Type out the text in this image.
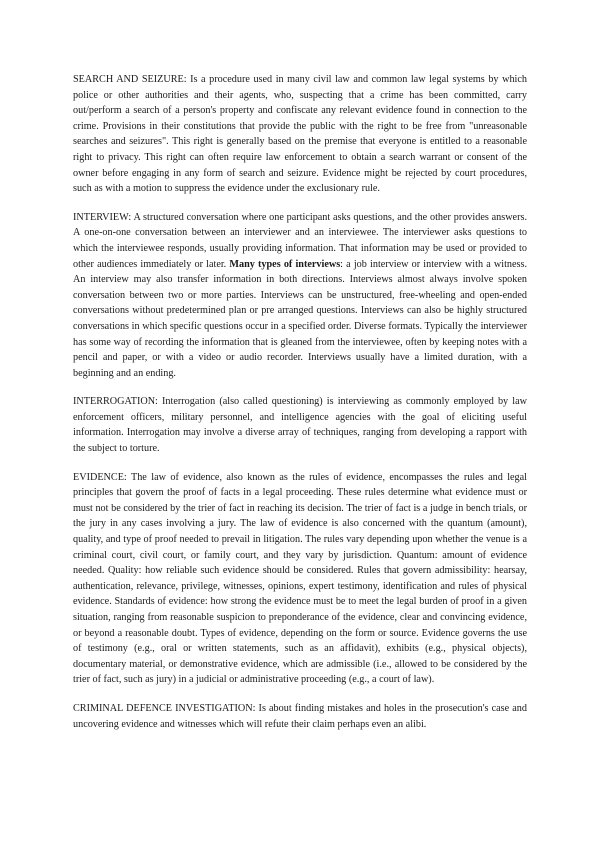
SEARCH AND SEIZURE: Is a procedure used in many civil law and common law legal systems by which police or other authorities and their agents, who, suspecting that a crime has been committed, carry out/perform a search of a person's property and confiscate any relevant evidence found in connection to the crime. Provisions in their constitutions that provide the public with the right to be free from "unreasonable searches and seizures". This right is generally based on the premise that everyone is entitled to a reasonable right to privacy. This right can often require law enforcement to obtain a search warrant or consent of the owner before engaging in any form of search and seizure. Evidence might be rejected by court procedures, such as with a motion to suppress the evidence under the exclusionary rule.

INTERVIEW: A structured conversation where one participant asks questions, and the other provides answers. A one-on-one conversation between an interviewer and an interviewee. The interviewer asks questions to which the interviewee responds, usually providing information. That information may be used or provided to other audiences immediately or later. Many types of interviews: a job interview or interview with a witness. An interview may also transfer information in both directions. Interviews almost always involve spoken conversation between two or more parties. Interviews can be unstructured, free-wheeling and open-ended conversations without predetermined plan or pre arranged questions. Interviews can also be highly structured conversations in which specific questions occur in a specified order. Diverse formats. Typically the interviewer has some way of recording the information that is gleaned from the interviewee, often by keeping notes with a pencil and paper, or with a video or audio recorder. Interviews usually have a limited duration, with a beginning and an ending.

INTERROGATION: Interrogation (also called questioning) is interviewing as commonly employed by law enforcement officers, military personnel, and intelligence agencies with the goal of eliciting useful information. Interrogation may involve a diverse array of techniques, ranging from developing a rapport with the subject to torture.

EVIDENCE: The law of evidence, also known as the rules of evidence, encompasses the rules and legal principles that govern the proof of facts in a legal proceeding. These rules determine what evidence must or must not be considered by the trier of fact in reaching its decision. The trier of fact is a judge in bench trials, or the jury in any cases involving a jury. The law of evidence is also concerned with the quantum (amount), quality, and type of proof needed to prevail in litigation. The rules vary depending upon whether the venue is a criminal court, civil court, or family court, and they vary by jurisdiction. Quantum: amount of evidence needed. Quality: how reliable such evidence should be considered. Rules that govern admissibility: hearsay, authentication, relevance, privilege, witnesses, opinions, expert testimony, identification and rules of physical evidence. Standards of evidence: how strong the evidence must be to meet the legal burden of proof in a given situation, ranging from reasonable suspicion to preponderance of the evidence, clear and convincing evidence, or beyond a reasonable doubt. Types of evidence, depending on the form or source. Evidence governs the use of testimony (e.g., oral or written statements, such as an affidavit), exhibits (e.g., physical objects), documentary material, or demonstrative evidence, which are admissible (i.e., allowed to be considered by the trier of fact, such as jury) in a judicial or administrative proceeding (e.g., a court of law).

CRIMINAL DEFENCE INVESTIGATION: Is about finding mistakes and holes in the prosecution's case and uncovering evidence and witnesses which will refute their claim perhaps even an alibi.
